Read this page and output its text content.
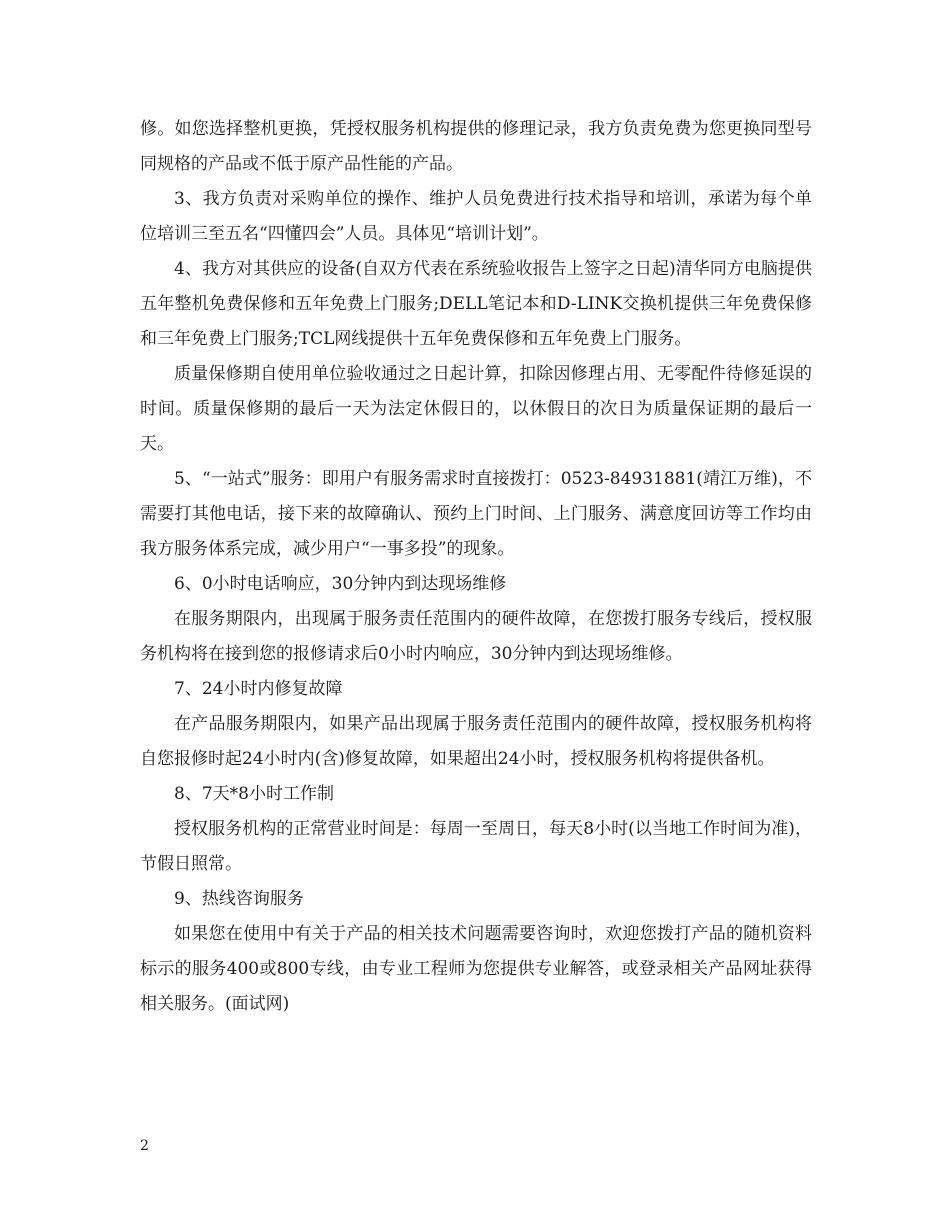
修。如您选择整机更换，凭授权服务机构提供的修理记录，我方负责免费为您更换同型号同规格的产品或不低于原产品性能的产品。

3、我方负责对采购单位的操作、维护人员免费进行技术指导和培训，承诺为每个单位培训三至五名“四懂四会”人员。具体见“培训计划”。

4、我方对其供应的设备(自双方代表在系统验收报告上签字之日起)清华同方电脑提供五年整机免费保修和五年免费上门服务;DELL笔记本和D-LINK交换机提供三年免费保修和三年免费上门服务;TCL网线提供十五年免费保修和五年免费上门服务。

质量保修期自使用单位验收通过之日起计算，扣除因修理占用、无零配件待修延误的时间。质量保修期的最后一天为法定休假日的，以休假日的次日为质量保证期的最后一天。

5、“一站式”服务：即用户有服务需求时直接拨打：0523-84931881(靖江万维)，不需要打其他电话，接下来的故障确认、预约上门时间、上门服务、满意度回访等工作均由我方服务体系完成，减少用户“一事多投”的现象。

6、0小时电话响应，30分钟内到达现场维修

在服务期限内，出现属于服务责任范围内的硬件故障，在您拨打服务专线后，授权服务机构将在接到您的报修请求后0小时内响应，30分钟内到达现场维修。

7、24小时内修复故障

在产品服务期限内，如果产品出现属于服务责任范围内的硬件故障，授权服务机构将自您报修时起24小时内(含)修复故障，如果超出24小时，授权服务机构将提供备机。

8、7天*8小时工作制

授权服务机构的正常营业时间是：每周一至周日，每天8小时(以当地工作时间为准)，节假日照常。

9、热线咨询服务

如果您在使用中有关于产品的相关技术问题需要咨询时，欢迎您拨打产品的随机资料标示的服务400或800专线，由专业工程师为您提供专业解答，或登录相关产品网址获得相关服务。(面试网)

2
